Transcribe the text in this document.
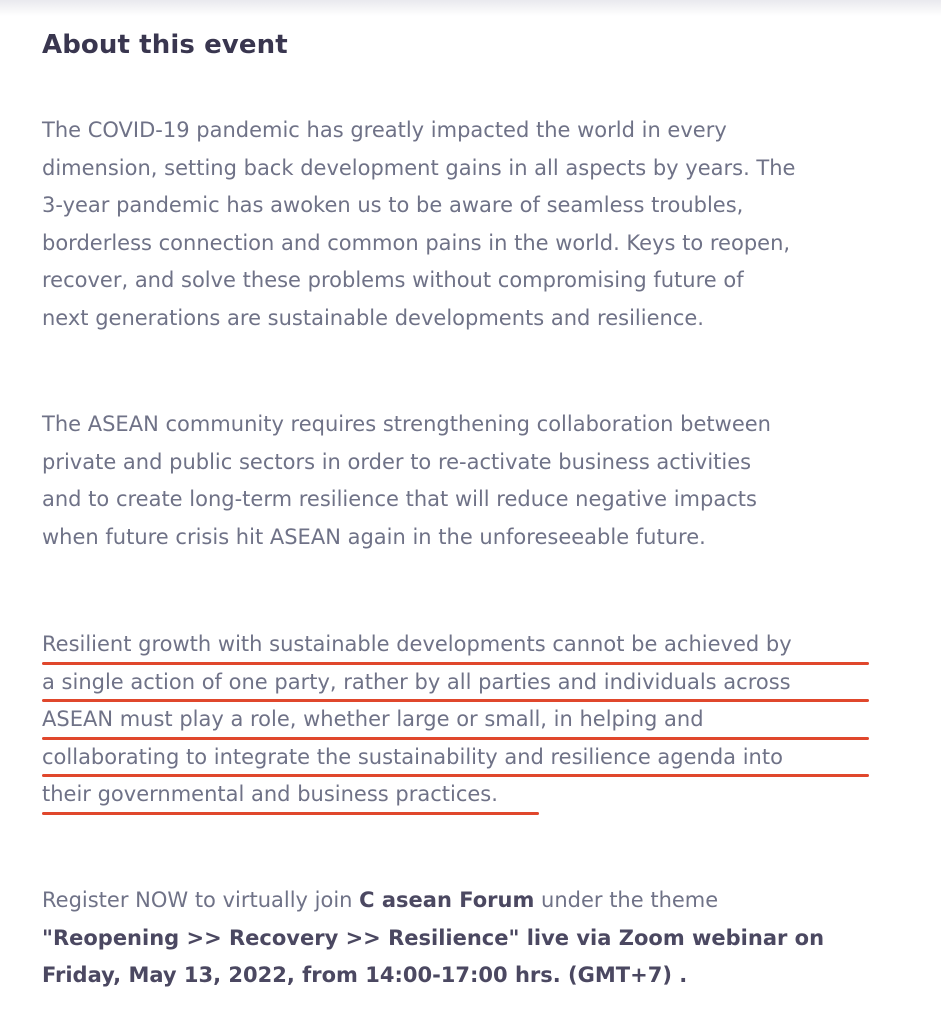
About this event
The COVID-19 pandemic has greatly impacted the world in every
dimension, setting back development gains in all aspects by years. The
3-year pandemic has awoken us to be aware of seamless troubles,
borderless connection and common pains in the world. Keys to reopen,
recover, and solve these problems without compromising future of
next generations are sustainable developments and resilience.
The ASEAN community requires strengthening collaboration between
private and public sectors in order to re-activate business activities
and to create long-term resilience that will reduce negative impacts
when future crisis hit ASEAN again in the unforeseeable future.
Resilient growth with sustainable developments cannot be achieved by
a single action of one party, rather by all parties and individuals across
ASEAN must play a role, whether large or small, in helping and
collaborating to integrate the sustainability and resilience agenda into
their governmental and business practices.
Register NOW to virtually join C asean Forum under the theme
"Reopening >> Recovery >> Resilience" live via Zoom webinar on
Friday, May 13, 2022, from 14:00-17:00 hrs. (GMT+7) .
